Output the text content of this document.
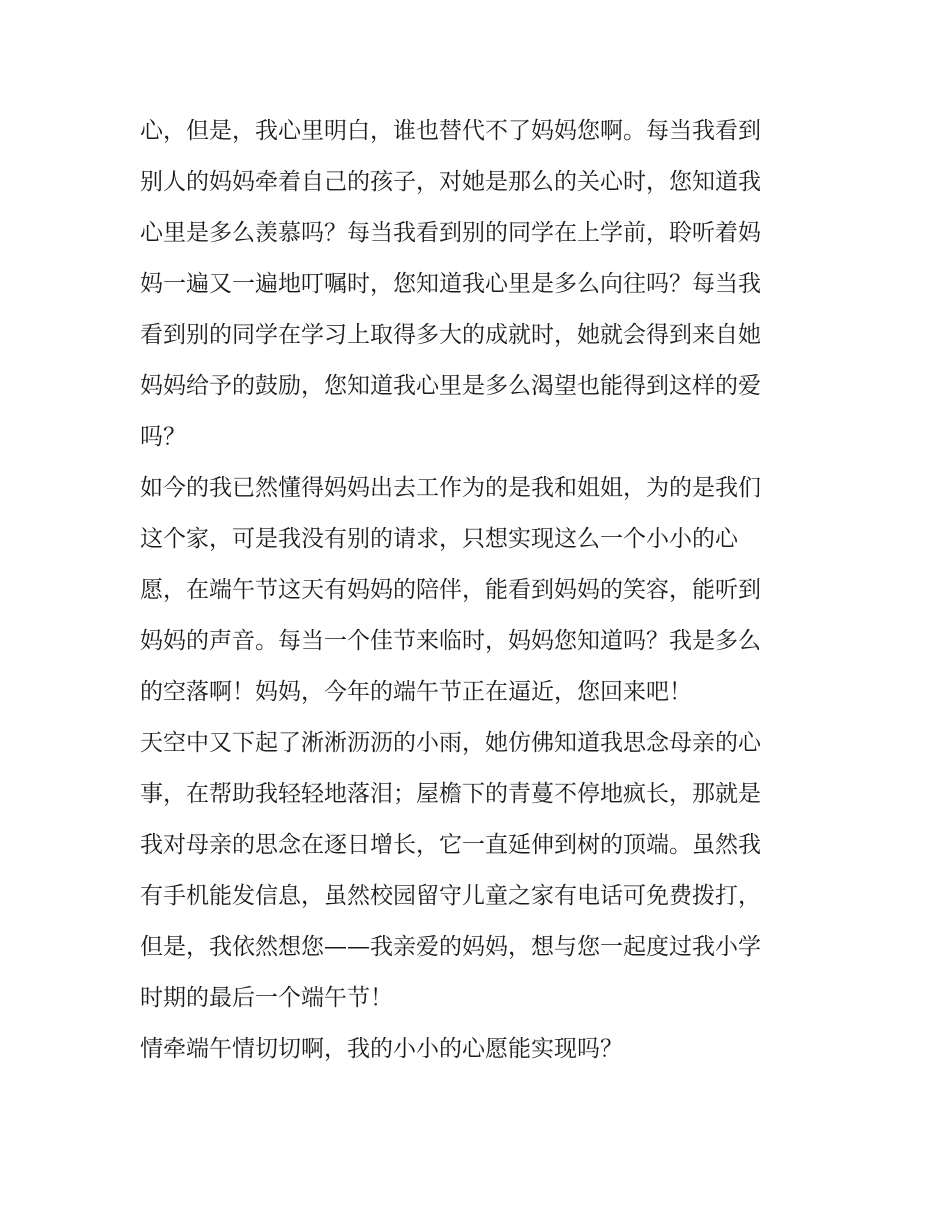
心，但是，我心里明白，谁也替代不了妈妈您啊。每当我看到
别人的妈妈牵着自己的孩子，对她是那么的关心时，您知道我
心里是多么羡慕吗？每当我看到别的同学在上学前，聆听着妈
妈一遍又一遍地叮嘱时，您知道我心里是多么向往吗？每当我
看到别的同学在学习上取得多大的成就时，她就会得到来自她
妈妈给予的鼓励，您知道我心里是多么渴望也能得到这样的爱
吗？
如今的我已然懂得妈妈出去工作为的是我和姐姐，为的是我们
这个家，可是我没有别的请求，只想实现这么一个小小的心
愿，在端午节这天有妈妈的陪伴，能看到妈妈的笑容，能听到
妈妈的声音。每当一个佳节来临时，妈妈您知道吗？我是多么
的空落啊！妈妈，今年的端午节正在逼近，您回来吧！
天空中又下起了淅淅沥沥的小雨，她仿佛知道我思念母亲的心
事，在帮助我轻轻地落泪；屋檐下的青蔓不停地疯长，那就是
我对母亲的思念在逐日增长，它一直延伸到树的顶端。虽然我
有手机能发信息，虽然校园留守儿童之家有电话可免费拨打，
但是，我依然想您——我亲爱的妈妈，想与您一起度过我小学
时期的最后一个端午节！
情牵端午情切切啊，我的小小的心愿能实现吗？
